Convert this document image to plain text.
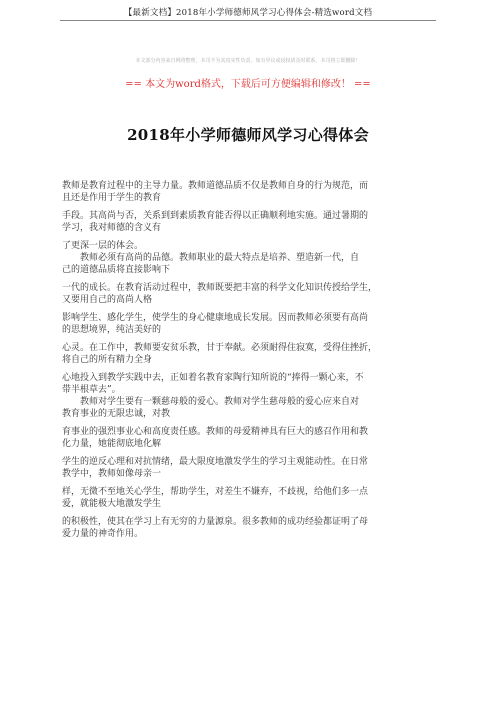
【最新文档】2018年小学师德师风学习心得体会-精选word文档
本文部分内容来自网络整理，本司不为其真实性负责，如有异议或侵权请及时联系，本司将立即删除！
== 本文为word格式，下载后可方便编辑和修改！ ==
2018年小学师德师风学习心得体会
教师是教育过程中的主导力量。教师道德品质不仅是教师自身的行为规范，而
且还是作用于学生的教育
手段。其高尚与否，关系到到素质教育能否得以正确顺利地实施。通过暑期的
学习，我对师德的含义有
了更深一层的体会。
　　教师必须有高尚的品德。教师职业的最大特点是培养、塑造新一代，自
己的道德品质将直接影响下
一代的成长。在教育活动过程中，教师既要把丰富的科学文化知识传授给学生，
又要用自己的高尚人格
影响学生、感化学生，使学生的身心健康地成长发展。因而教师必须要有高尚
的思想境界，纯洁美好的
心灵。在工作中，教师要安贫乐教，甘于奉献。必须耐得住寂寞，受得住挫折，
将自己的所有精力全身
心地投入到教学实践中去，正如着名教育家陶行知所说的“捧得一颗心来，不
带半根草去”。
　　教师对学生要有一颗慈母般的爱心。教师对学生慈母般的爱心应来自对
教育事业的无限忠诚，对教
育事业的强烈事业心和高度责任感。教师的母爱精神具有巨大的感召作用和教
化力量，她能彻底地化解
学生的逆反心理和对抗情绪，最大限度地激发学生的学习主观能动性。在日常
教学中，教师如像母亲一
样，无微不至地关心学生，帮助学生，对差生不嫌弃，不歧视，给他们多一点
爱，就能极大地激发学生
的积极性，使其在学习上有无穷的力量源泉。很多教师的成功经验都证明了母
爱力量的神奇作用。
